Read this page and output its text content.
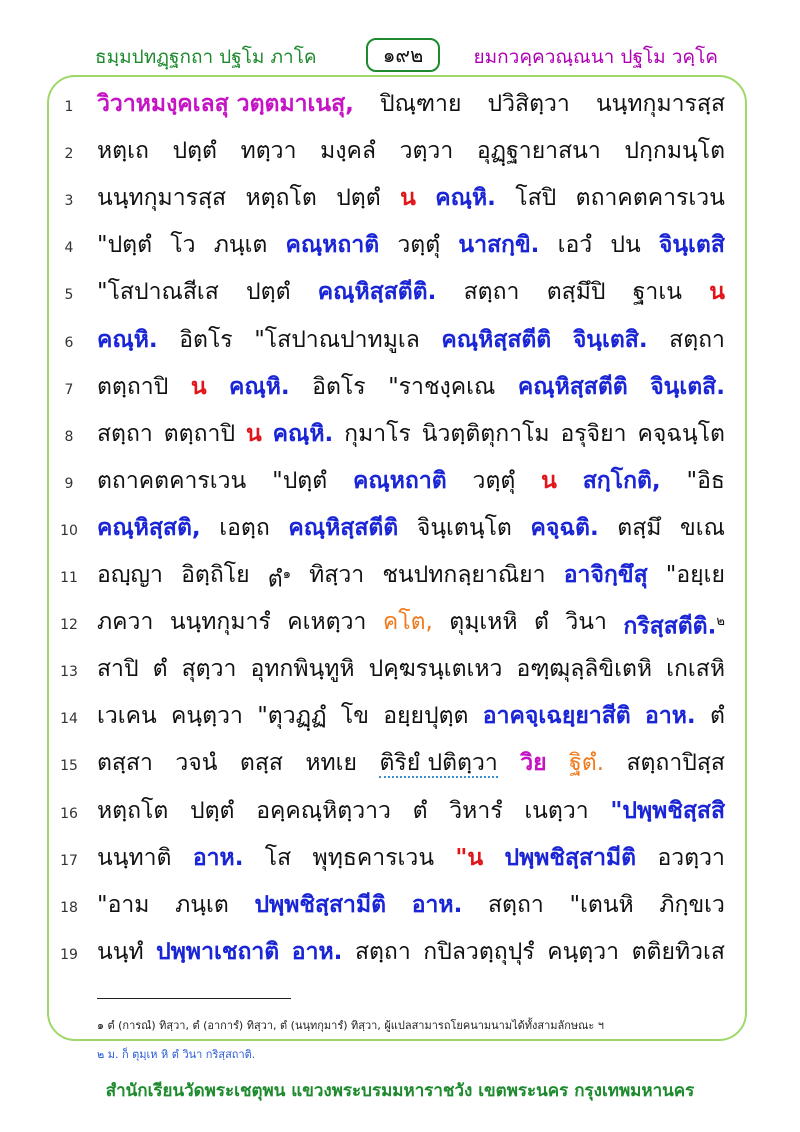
ธมฺมปทฏฺฐกถา ปฐโม ภาโค	๑๙๒	ยมกวคฺควณฺณนา ปฐโม วคฺโค
1	วิวาหมงฺคเลสุ วตฺตมาเนสุ, ปิณฺฑาย ปวิสิตฺวา นนฺทกุมารสฺส
2	หตฺเถ ปตฺตํ ทตฺวา มงฺคลํ วตฺวา อุฏฺฐายาสนา ปกฺกมนฺโต
3	นนฺทกุมารสฺส หตฺถโต ปตฺตํ น คณฺหิ. โสปิ ตถาคตคารเวน
4	"ปตฺตํ โว ภนฺเต คณฺหถาติ วตฺตุํ นาสกฺขิ. เอวํ ปน จินฺเตสิ
5	"โสปาณสีเส ปตฺตํ คณฺหิสฺสตีติ. สตฺถา ตสฺมึปิ ฐาเน น
6	คณฺหิ. อิตโร "โสปาณปาทมูเล คณฺหิสฺสตีติ จินฺเตสิ. สตฺถา
7	ตตฺถาปิ น คณฺหิ. อิตโร "ราชงฺคเณ คณฺหิสฺสตีติ จินฺเตสิ.
8	สตฺถา ตตฺถาปิ น คณฺหิ. กุมาโร นิวตฺติตุกาโม อรุจิยา คจฺฉนฺโต
9	ตถาคตคารเวน "ปตฺตํ คณฺหถาติ วตฺตุํ น สกฺโกติ, "อิธ
10 คณฺหิสฺสติ, เอตฺถ คณฺหิสฺสตีติ จินฺเตนฺโต คจฺฉติ. ตสฺมึ ขเณ
11 อญฺญา อิตฺถิโย ตํ$^๑$ ทิสฺวา ชนปทกลฺยาณิยา อาจิกฺขึสุ "อยฺเย
12 ภควา นนฺทกุมารํ คเหตฺวา คโต, ตุมฺเหหิ ตํ วินา กริสฺสตีติ.$^๒$
13 สาปิ ตํ สุตฺวา อุทกพินฺทูหิ ปคฺฆรนฺเตเหว อฑฺฒุลฺลิขิเตหิ เกเสหิ
14 เวเคน คนฺตฺวา "ตุวฏฺฏํ โข อยฺยปุตฺต อาคจฺเฉยฺยาสีติ อาห. ตํ
15 ตสฺสา วจนํ ตสฺส หทเย ติริยํ ปติตฺวา วิย ฐิตํ. สตฺถาปิสฺส
16 หตฺถโต ปตฺตํ อคฺคณฺหิตฺวาว ตํ วิหารํ เนตฺวา "ปพฺพชิสฺสสิ
17 นนฺทาติ อาห. โส พุทฺธคารเวน "น ปพฺพชิสฺสามีติ อวตฺวา
18 "อาม ภนฺเต ปพฺพชิสฺสามีติ อาห. สตฺถา "เตนหิ ภิกฺขเว
19 นนฺทํ ปพฺพาเชถาติ อาห. สตฺถา กปิลวตฺถุปุรํ คนฺตฺวา ตติยทิวเส
๑ ตํ (การณํ) ทิสฺวา, ตํ (อาการํ) ทิสฺวา, ตํ (นนฺทกุมารํ) ทิสฺวา, ผู้แปลสามารถโยคนามนามได้ทั้งสามลักษณะ ฯ
๒ ม. ก็ ตุมฺเห หิ ตํ วินา กริสฺสถาติ.
สำนักเรียนวัดพระเชตุพน แขวงพระบรมมหาราชวัง เขตพระนคร กรุงเทพมหานคร
